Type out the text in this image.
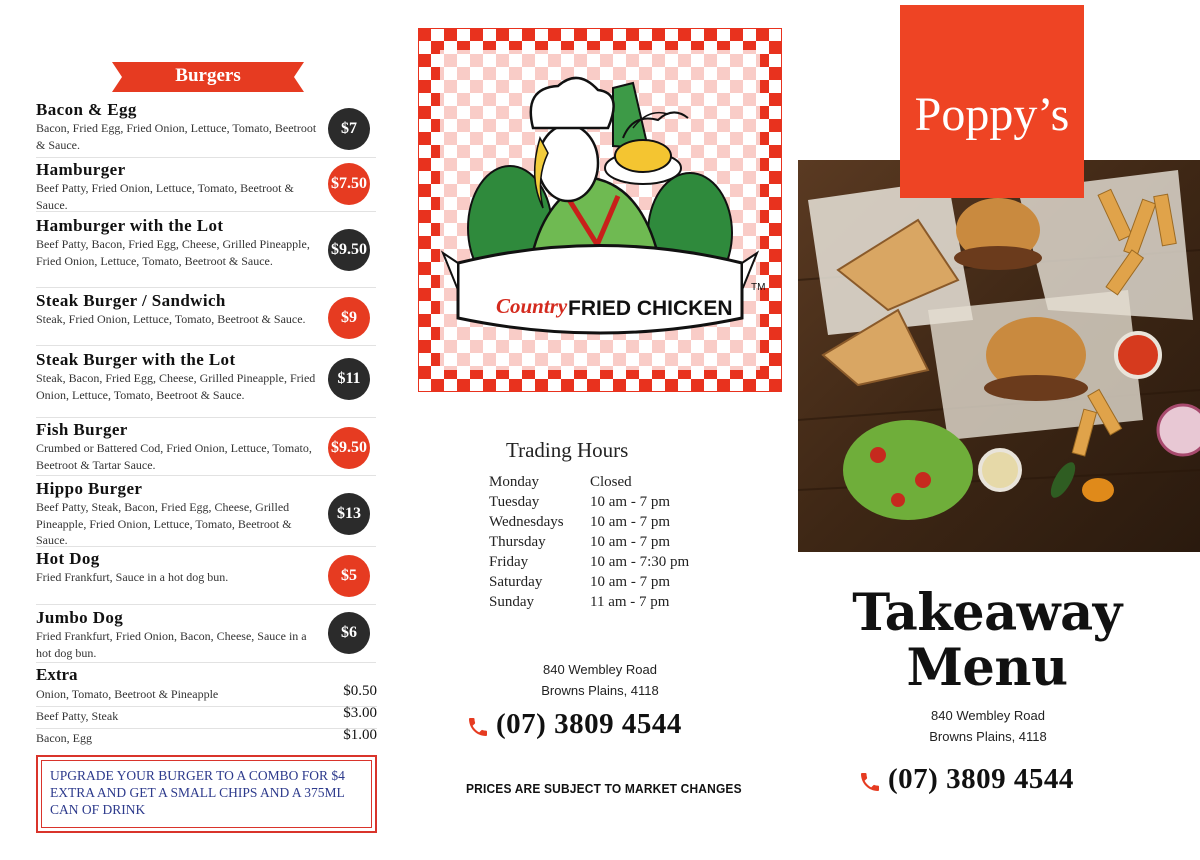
Burgers
Bacon & Egg
Bacon, Fried Egg, Fried Onion, Lettuce, Tomato, Beetroot & Sauce.
$7
Hamburger
Beef Patty, Fried Onion, Lettuce, Tomato, Beetroot & Sauce.
$7.50
Hamburger with the Lot
Beef Patty, Bacon, Fried Egg, Cheese, Grilled Pineapple, Fried Onion, Lettuce, Tomato, Beetroot & Sauce.
$9.50
Steak Burger / Sandwich
Steak, Fried Onion, Lettuce, Tomato, Beetroot & Sauce.	$9
Steak Burger with the Lot
Steak, Bacon, Fried Egg, Cheese, Grilled Pineapple, Fried Onion, Lettuce, Tomato, Beetroot & Sauce.
$11
Fish Burger
Crumbed or Battered Cod, Fried Onion, Lettuce, Tomato, Beetroot & Tartar Sauce.
$9.50
Hippo Burger
Beef Patty, Steak, Bacon, Fried Egg, Cheese, Grilled Pineapple, Fried Onion, Lettuce, Tomato, Beetroot & Sauce.
$13
Hot Dog
Fried Frankfurt, Sauce in a hot dog bun.	$5
Jumbo Dog
Fried Frankfurt, Fried Onion, Bacon, Cheese, Sauce in a hot dog bun.
$6
Extra
Onion, Tomato, Beetroot & Pineapple	$0.50
Beef Patty, Steak	$3.00
Bacon, Egg	$1.00
UPGRADE YOUR BURGER TO A COMBO FOR $4 EXTRA AND GET A SMALL CHIPS AND A 375ML CAN OF DRINK
Country FRIED CHICKEN
TM
Trading Hours
Monday	Closed
Tuesday	10 am - 7 pm
Wednesdays 10 am - 7 pm
Thursday	10 am - 7 pm
Friday	10 am - 7:30 pm
Saturday	10 am - 7 pm
Sunday	11 am - 7 pm
840 Wembley Road
Browns Plains, 4118
(07) 3809 4544
PRICES ARE SUBJECT TO MARKET CHANGES
Poppy’s
Takeaway
Menu
840 Wembley Road
Browns Plains, 4118
(07) 3809 4544
